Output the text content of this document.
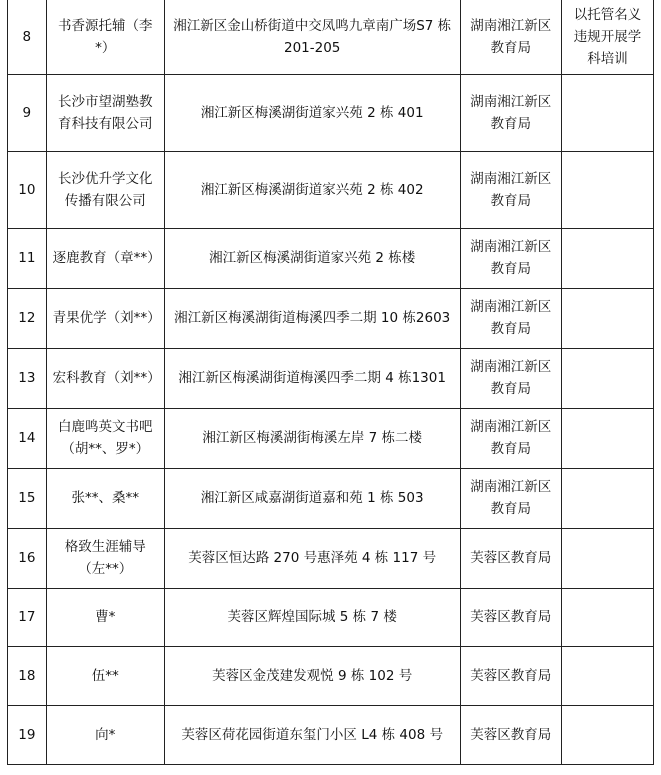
8	书香源托辅（李*）	湘江新区金山桥街道中交凤鸣九章南广场S7 栋 201-205	湖南湘江新区教育局	以托管名义违规开展学科培训
9	长沙市望湖塾教育科技有限公司	湘江新区梅溪湖街道家兴苑 2 栋 401	湖南湘江新区教育局	
10	长沙优升学文化传播有限公司	湘江新区梅溪湖街道家兴苑 2 栋 402	湖南湘江新区教育局	
11	逐鹿教育（章**）	湘江新区梅溪湖街道家兴苑 2 栋楼	湖南湘江新区教育局	
12	青果优学（刘**）	湘江新区梅溪湖街道梅溪四季二期 10 栋2603	湖南湘江新区教育局	
13	宏科教育（刘**）	湘江新区梅溪湖街道梅溪四季二期 4 栋1301	湖南湘江新区教育局	
14	白鹿鸣英文书吧（胡**、罗*）	湘江新区梅溪湖街梅溪左岸 7 栋二楼	湖南湘江新区教育局	
15	张**、桑**	湘江新区咸嘉湖街道嘉和苑 1 栋 503	湖南湘江新区教育局	
16	格致生涯辅导（左**）	芙蓉区恒达路 270 号惠泽苑 4 栋 117 号	芙蓉区教育局	
17	曹*	芙蓉区辉煌国际城 5 栋 7 楼	芙蓉区教育局	
18	伍**	芙蓉区金茂建发观悦 9 栋 102 号	芙蓉区教育局	
19	向*	芙蓉区荷花园街道东玺门小区 L4 栋 408 号	芙蓉区教育局	
